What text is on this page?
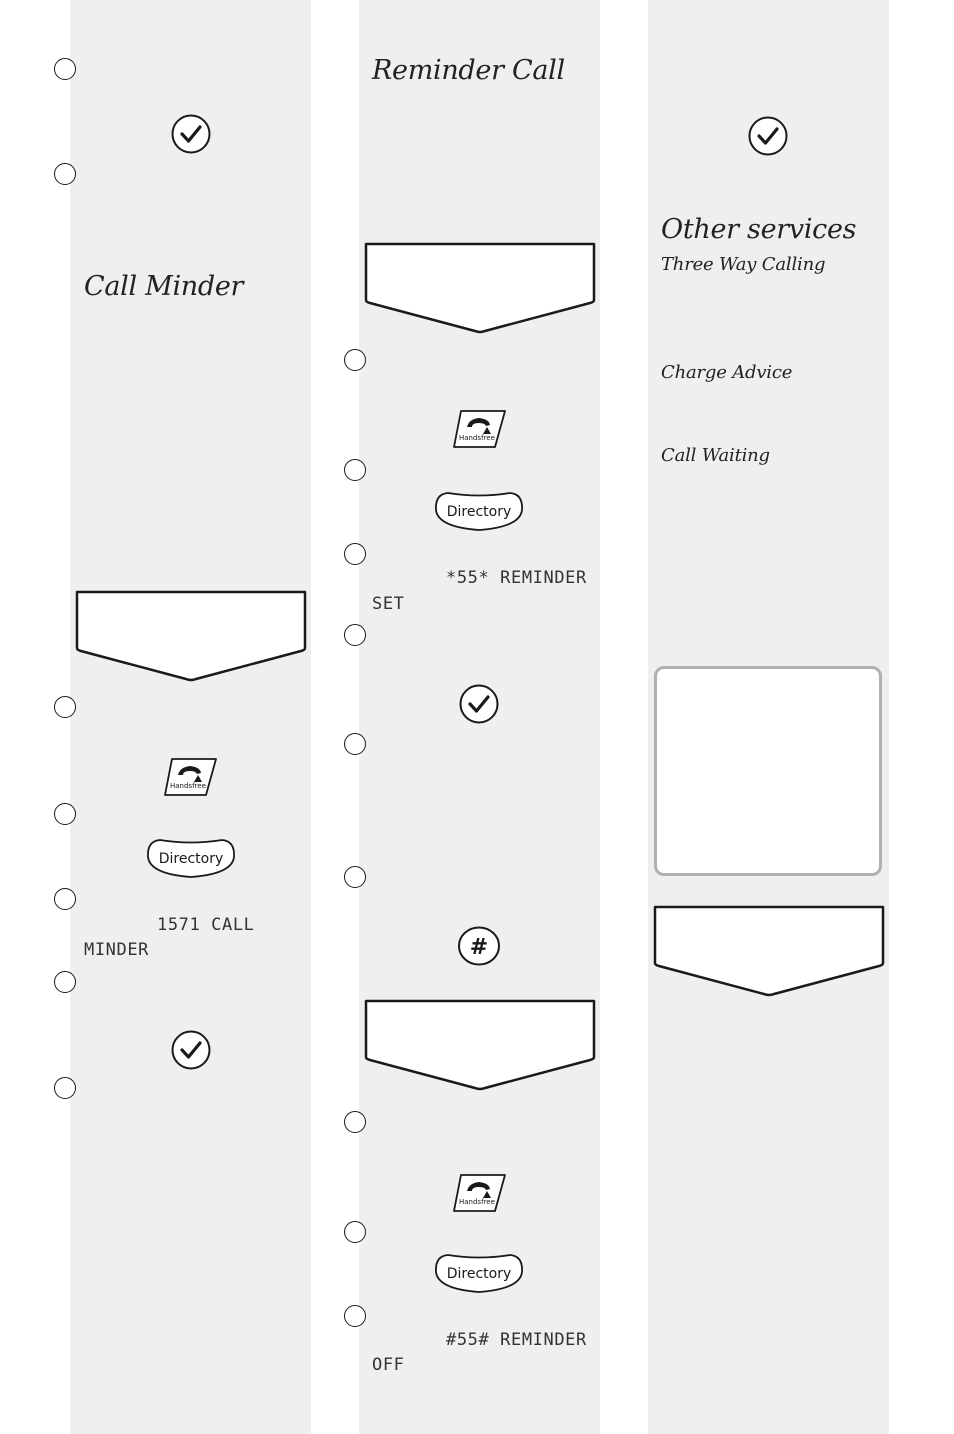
Call Minder
Handsfree
Directory
1571 CALL
MINDER
Reminder Call
Handsfree
Directory
*55* REMINDER
SET
#
Handsfree
Directory
#55# REMINDER
OFF
Other services
Three Way Calling
Charge Advice
Call Waiting
